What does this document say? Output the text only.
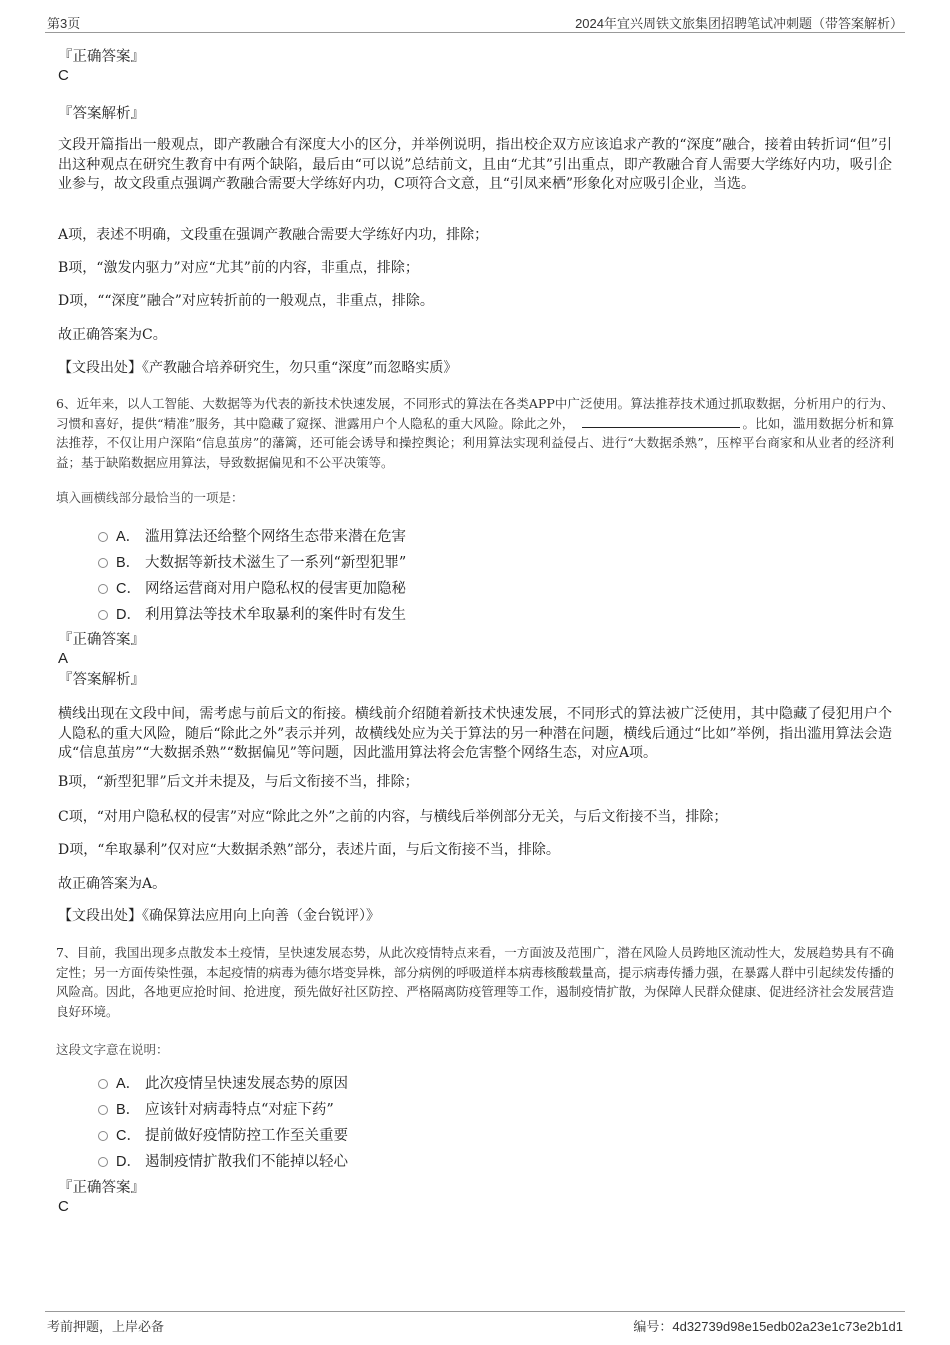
第3页	2024年宜兴周铁文旅集团招聘笔试冲刺题（带答案解析）
『正确答案』
C
『答案解析』
文段开篇指出一般观点，即产教融合有深度大小的区分，并举例说明，指出校企双方应该追求产教的“深度”融合，接着由转折词“但”引出这种观点在研究生教育中有两个缺陷，最后由“可以说”总结前文，且由“尤其”引出重点，即产教融合育人需要大学练好内功，吸引企业参与，故文段重点强调产教融合需要大学练好内功，C项符合文意，且“引凤来栖”形象化对应吸引企业，当选。
A项，表述不明确，文段重在强调产教融合需要大学练好内功，排除；
B项，“激发内驱力”对应“尤其”前的内容，非重点，排除；
D项，““深度”融合”对应转折前的一般观点，非重点，排除。
故正确答案为C。
【文段出处】《产教融合培养研究生，勿只重“深度”而忽略实质》
6、近年来，以人工智能、大数据等为代表的新技术快速发展，不同形式的算法在各类APP中广泛使用。算法推荐技术通过抓取数据，分析用户的行为、习惯和喜好，提供“精准”服务，其中隐藏了窥探、泄露用户个人隐私的重大风险。除此之外，	。比如，滥用数据分析和算法推荐，不仅让用户深陷“信息茧房”的藩篱，还可能会诱导和操控舆论；利用算法实现利益侵占、进行“大数据杀熟”，压榨平台商家和从业者的经济利益；基于缺陷数据应用算法，导致数据偏见和不公平决策等。
填入画横线部分最恰当的一项是：
A． 滥用算法还给整个网络生态带来潜在危害
B． 大数据等新技术滋生了一系列“新型犯罪”
C． 网络运营商对用户隐私权的侵害更加隐秘
D． 利用算法等技术牟取暴利的案件时有发生
『正确答案』
A
『答案解析』
横线出现在文段中间，需考虑与前后文的衔接。横线前介绍随着新技术快速发展，不同形式的算法被广泛使用，其中隐藏了侵犯用户个人隐私的重大风险，随后“除此之外”表示并列，故横线处应为关于算法的另一种潜在问题，横线后通过“比如”举例，指出滥用算法会造成“信息茧房”“大数据杀熟”“数据偏见”等问题，因此滥用算法将会危害整个网络生态，对应A项。
B项，“新型犯罪”后文并未提及，与后文衔接不当，排除；
C项，“对用户隐私权的侵害”对应“除此之外”之前的内容，与横线后举例部分无关，与后文衔接不当，排除；
D项，“牟取暴利”仅对应“大数据杀熟”部分，表述片面，与后文衔接不当，排除。
故正确答案为A。
【文段出处】《确保算法应用向上向善（金台锐评）》
7、目前，我国出现多点散发本土疫情，呈快速发展态势，从此次疫情特点来看，一方面波及范围广，潜在风险人员跨地区流动性大，发展趋势具有不确定性；另一方面传染性强，本起疫情的病毒为德尔塔变异株，部分病例的呼吸道样本病毒核酸载量高，提示病毒传播力强，在暴露人群中引起续发传播的风险高。因此，各地更应抢时间、抢进度，预先做好社区防控、严格隔离防疫管理等工作，遏制疫情扩散，为保障人民群众健康、促进经济社会发展营造良好环境。
这段文字意在说明：
A． 此次疫情呈快速发展态势的原因
B． 应该针对病毒特点“对症下药”
C． 提前做好疫情防控工作至关重要
D． 遏制疫情扩散我们不能掉以轻心
『正确答案』
C
考前押题，上岸必备	编号：4d32739d98e15edb02a23e1c73e2b1d1
